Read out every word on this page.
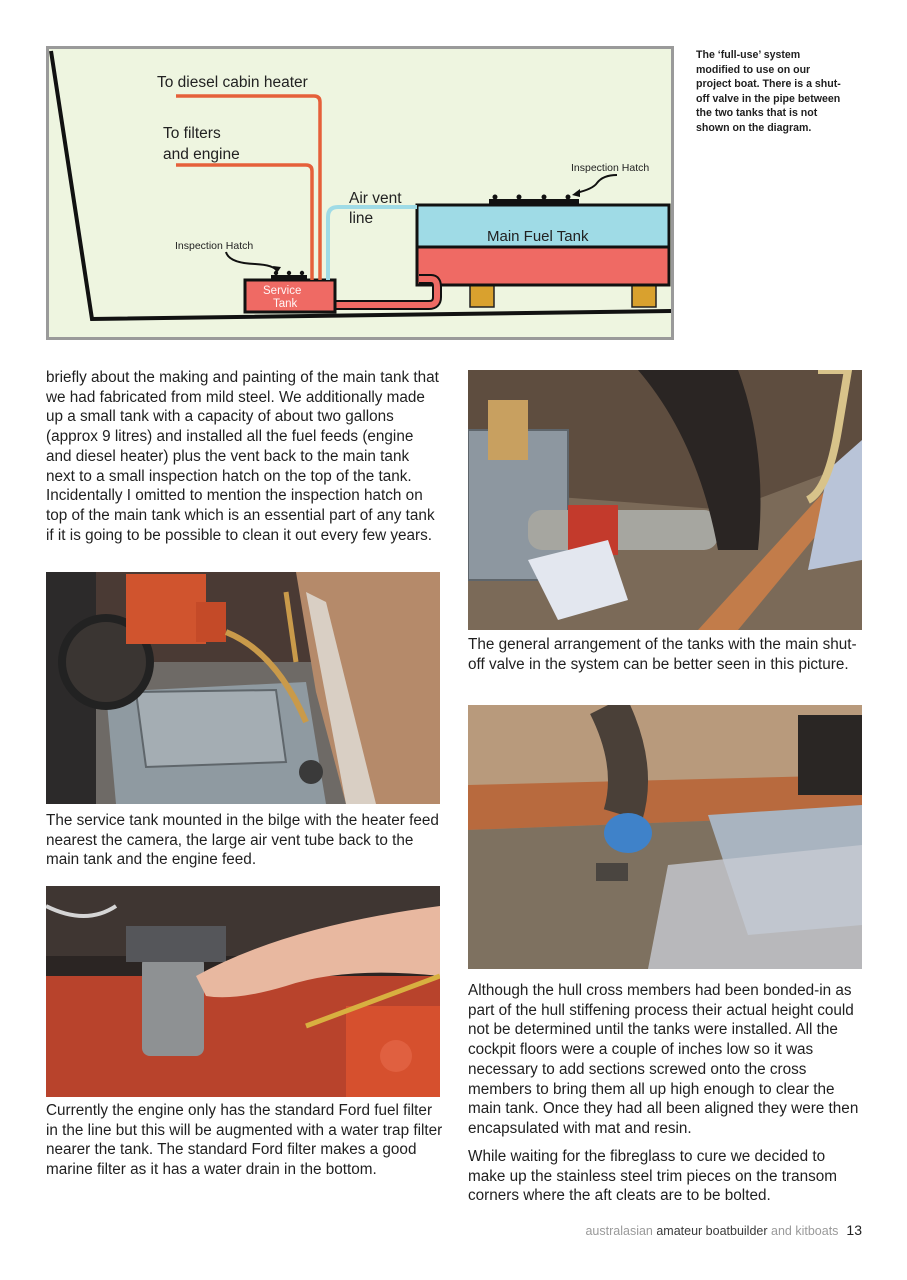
To diesel cabin heater
To filters
and engine
Air vent
line
Main Fuel Tank
Service
Tank
Inspection Hatch
Inspection Hatch
The ‘full-use’ system modified to use on our project boat. There is a shut-off valve in the pipe between the two tanks that is not shown on the diagram.

briefly about the making and painting of the main tank that we had fabricated from mild steel. We additionally made up a small tank with a capacity of about two gallons (approx 9 litres) and installed all the fuel feeds (engine and diesel heater) plus the vent back to the main tank next to a small inspection hatch on the top of the tank. Incidentally I omitted to mention the inspection hatch on top of the main tank which is an essential part of any tank if it is going to be possible to clean it out every few years.

The service tank mounted in the bilge with the heater feed nearest the camera, the large air vent tube back to the main tank and the engine feed.

Currently the engine only has the standard Ford fuel filter in the line but this will be augmented with a water trap filter nearer the tank. The standard Ford filter makes a good marine filter as it has a water drain in the bottom.

The general arrangement of the tanks with the main shut-off valve in the system can be better seen in this picture.

Although the hull cross members had been bonded-in as part of the hull stiffening process their actual height could not be determined until the tanks were installed. All the cockpit floors were a couple of inches low so it was necessary to add sections screwed onto the cross members to bring them all up high enough to clear the main tank. Once they had all been aligned they were then encapsulated with mat and resin.

While waiting for the fibreglass to cure we decided to make up the stainless steel trim pieces on the transom corners where the aft cleats are to be bolted.

australasian amateur boatbuilder and kitboats 13
